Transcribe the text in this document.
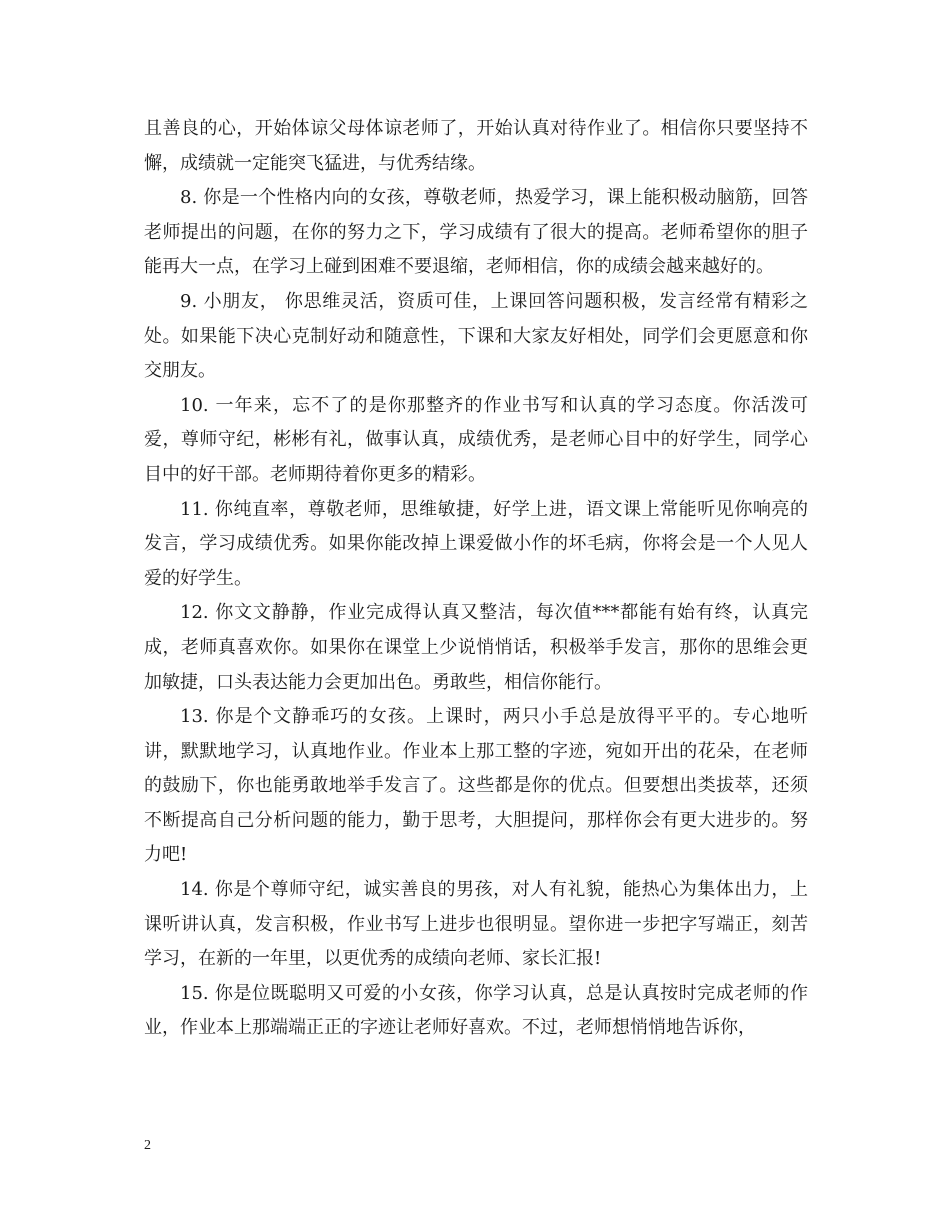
且善良的心，开始体谅父母体谅老师了，开始认真对待作业了。相信你只要坚持不懈，成绩就一定能突飞猛进，与优秀结缘。

8. 你是一个性格内向的女孩，尊敬老师，热爱学习，课上能积极动脑筋，回答老师提出的问题，在你的努力之下，学习成绩有了很大的提高。老师希望你的胆子能再大一点，在学习上碰到困难不要退缩，老师相信，你的成绩会越来越好的。

9. 小朋友， 你思维灵活，资质可佳，上课回答问题积极，发言经常有精彩之处。如果能下决心克制好动和随意性，下课和大家友好相处，同学们会更愿意和你交朋友。

10. 一年来，忘不了的是你那整齐的作业书写和认真的学习态度。你活泼可爱，尊师守纪，彬彬有礼，做事认真，成绩优秀，是老师心目中的好学生，同学心目中的好干部。老师期待着你更多的精彩。

11. 你纯直率，尊敬老师，思维敏捷，好学上进，语文课上常能听见你响亮的发言，学习成绩优秀。如果你能改掉上课爱做小作的坏毛病，你将会是一个人见人爱的好学生。

12. 你文文静静，作业完成得认真又整洁，每次值***都能有始有终，认真完成，老师真喜欢你。如果你在课堂上少说悄悄话，积极举手发言，那你的思维会更加敏捷，口头表达能力会更加出色。勇敢些，相信你能行。

13. 你是个文静乖巧的女孩。上课时，两只小手总是放得平平的。专心地听讲，默默地学习，认真地作业。作业本上那工整的字迹，宛如开出的花朵，在老师的鼓励下，你也能勇敢地举手发言了。这些都是你的优点。但要想出类拔萃，还须不断提高自己分析问题的能力，勤于思考，大胆提问，那样你会有更大进步的。努力吧!

14. 你是个尊师守纪，诚实善良的男孩，对人有礼貌，能热心为集体出力，上课听讲认真，发言积极，作业书写上进步也很明显。望你进一步把字写端正，刻苦学习，在新的一年里，以更优秀的成绩向老师、家长汇报!

15. 你是位既聪明又可爱的小女孩，你学习认真，总是认真按时完成老师的作业，作业本上那端端正正的字迹让老师好喜欢。不过，老师想悄悄地告诉你，

2
